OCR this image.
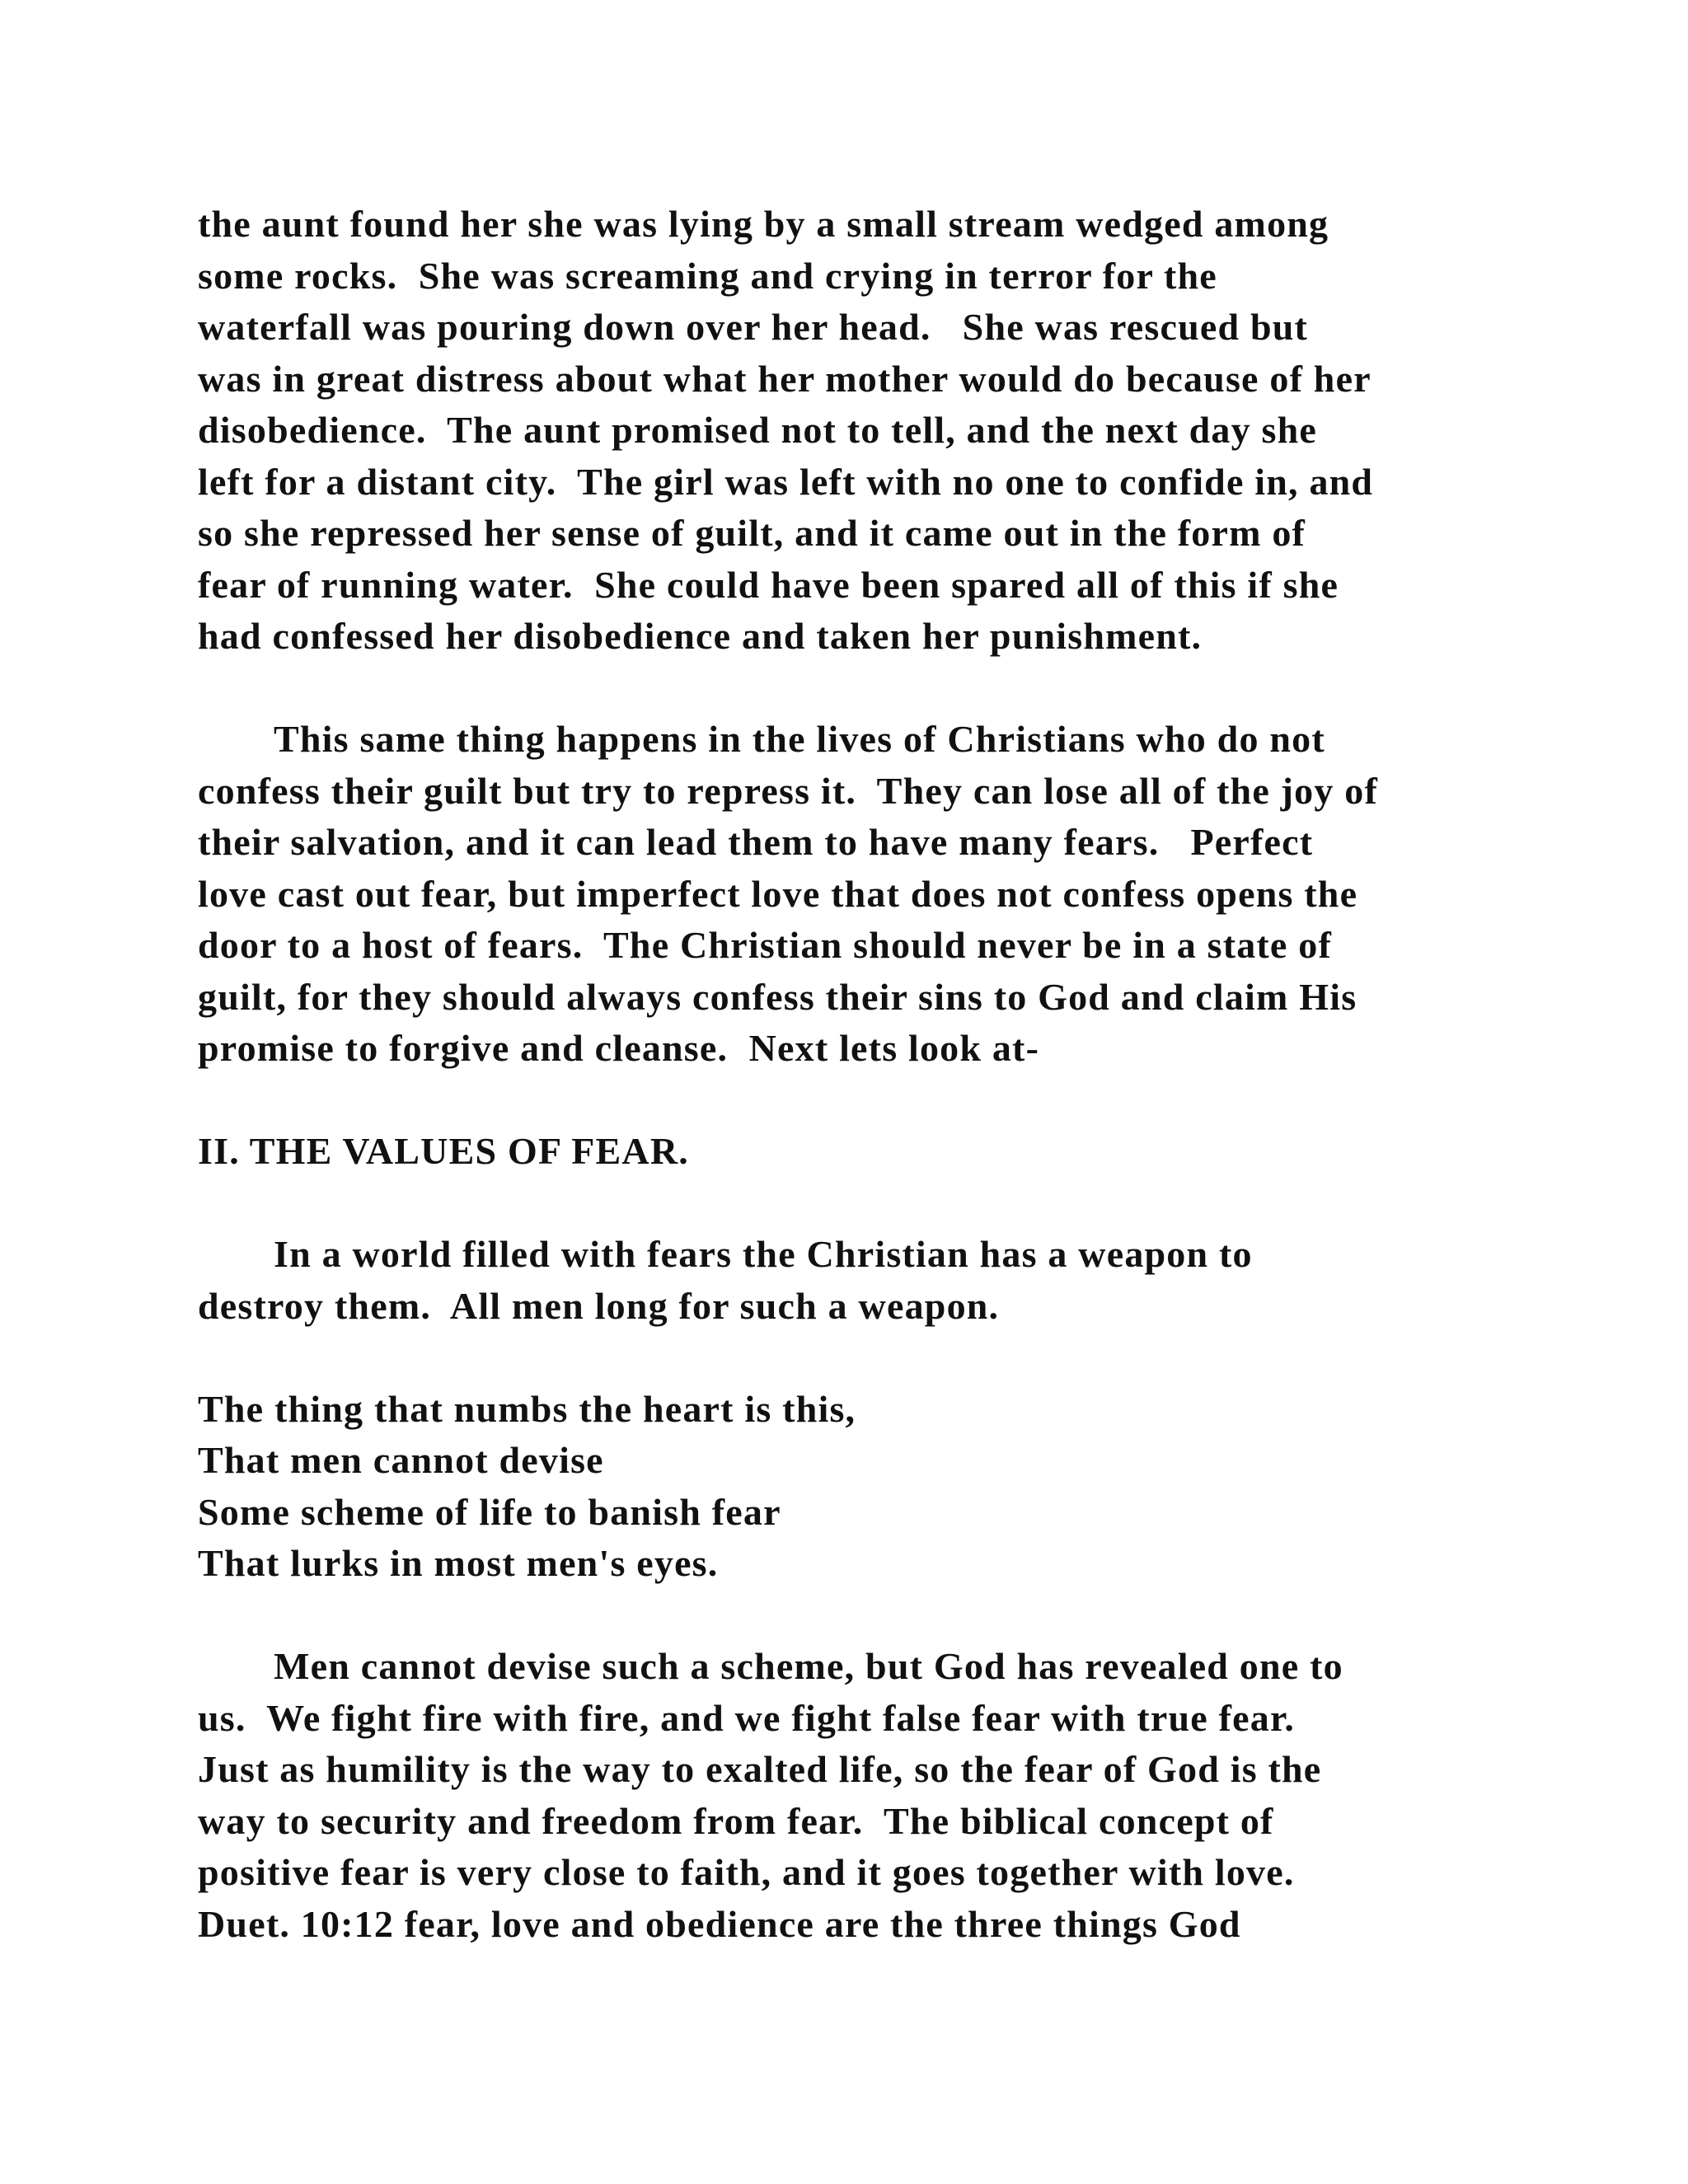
the aunt found her she was lying by a small stream wedged among
some rocks.  She was screaming and crying in terror for the
waterfall was pouring down over her head.   She was rescued but
was in great distress about what her mother would do because of her
disobedience.  The aunt promised not to tell, and the next day she
left for a distant city.  The girl was left with no one to confide in, and
so she repressed her sense of guilt, and it came out in the form of
fear of running water.  She could have been spared all of this if she
had confessed her disobedience and taken her punishment.
This same thing happens in the lives of Christians who do not
confess their guilt but try to repress it.  They can lose all of the joy of
their salvation, and it can lead them to have many fears.   Perfect
love cast out fear, but imperfect love that does not confess opens the
door to a host of fears.  The Christian should never be in a state of
guilt, for they should always confess their sins to God and claim His
promise to forgive and cleanse.  Next lets look at-
II. THE VALUES OF FEAR.
In a world filled with fears the Christian has a weapon to
destroy them.  All men long for such a weapon.
The thing that numbs the heart is this,
That men cannot devise
Some scheme of life to banish fear
That lurks in most men's eyes.
Men cannot devise such a scheme, but God has revealed one to
us.  We fight fire with fire, and we fight false fear with true fear.
Just as humility is the way to exalted life, so the fear of God is the
way to security and freedom from fear.  The biblical concept of
positive fear is very close to faith, and it goes together with love.
Duet. 10:12 fear, love and obedience are the three things God
